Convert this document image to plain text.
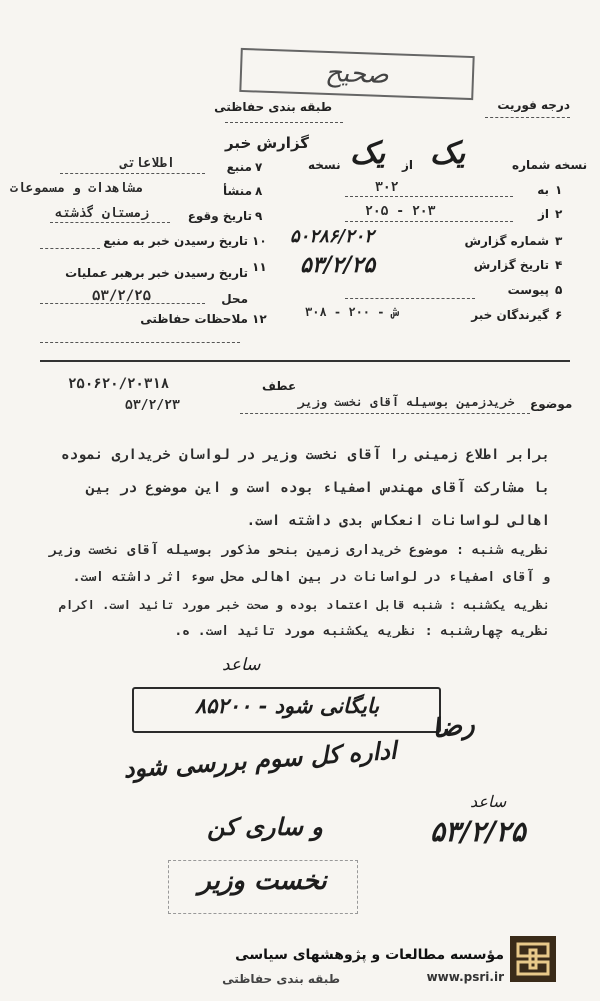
صحیح
طبقه بندی حفاظتی	درجه فوریت
گزارش خبر
۷
منبع
اطلاعاتی
۸
منشأ
مشاهدات و مسموعات
۹
تاریخ وقوع
زمستان گذشته
۱۰
تاریخ رسیدن خبر به منبع
۱۱
تاریخ رسیدن خبر برهبر عملیات محل
۵۳/۲/۲۵
۱۲
ملاحظات حفاظتی
نسخه شماره
یک
از
یک
نسخه
۱
به
۳۰۲
۲
از
۲۰۵ - ۲۰۳
۳
شماره گزارش
۵۰۲۸۶/۲۰۲
۴
تاریخ گزارش
۵۳/۲/۲۵
۵
پیوست
۶
گیرندگان خبر
۳۰۸ - ۲۰۰ - ش
موضوع
خریدزمین بوسیله آقای نخست وزیر
عطف
۲۵۰۶۲۰/۲۰۳۱۸
۵۳/۲/۲۳
برابر اطلاع زمینی را آقای نخست وزیر در لواسان خریداری نموده
با مشارکت آقای مهندس اصفیاء بوده است و این موضوع در بین
اهالی لواسانات انعکاس بدی داشته است.
نظریه شنبه : موضوع خریداری زمین بنحو مذکور بوسیله آقای نخست وزیر
و آقای اصفیاء در لواسانات در بین اهالی محل سوء اثر داشته است.
نظریه یکشنبه : شنبه قابل اعتماد بوده و صحت خبر مورد تائید است. اکرام
نظریه چهارشنبه : نظریه یکشنبه مورد تائید است. ه.
ساعد
بایگانی شود - ۸۵۲۰۰
اداره کل سوم بررسی شود
و ساری کن
نخست وزیر
رضا
ساعد
۵۳/۲/۲۵
طبقه بندی حفاظتی
مؤسسه مطالعات و پژوهشهای سیاسی
www.psri.ir
